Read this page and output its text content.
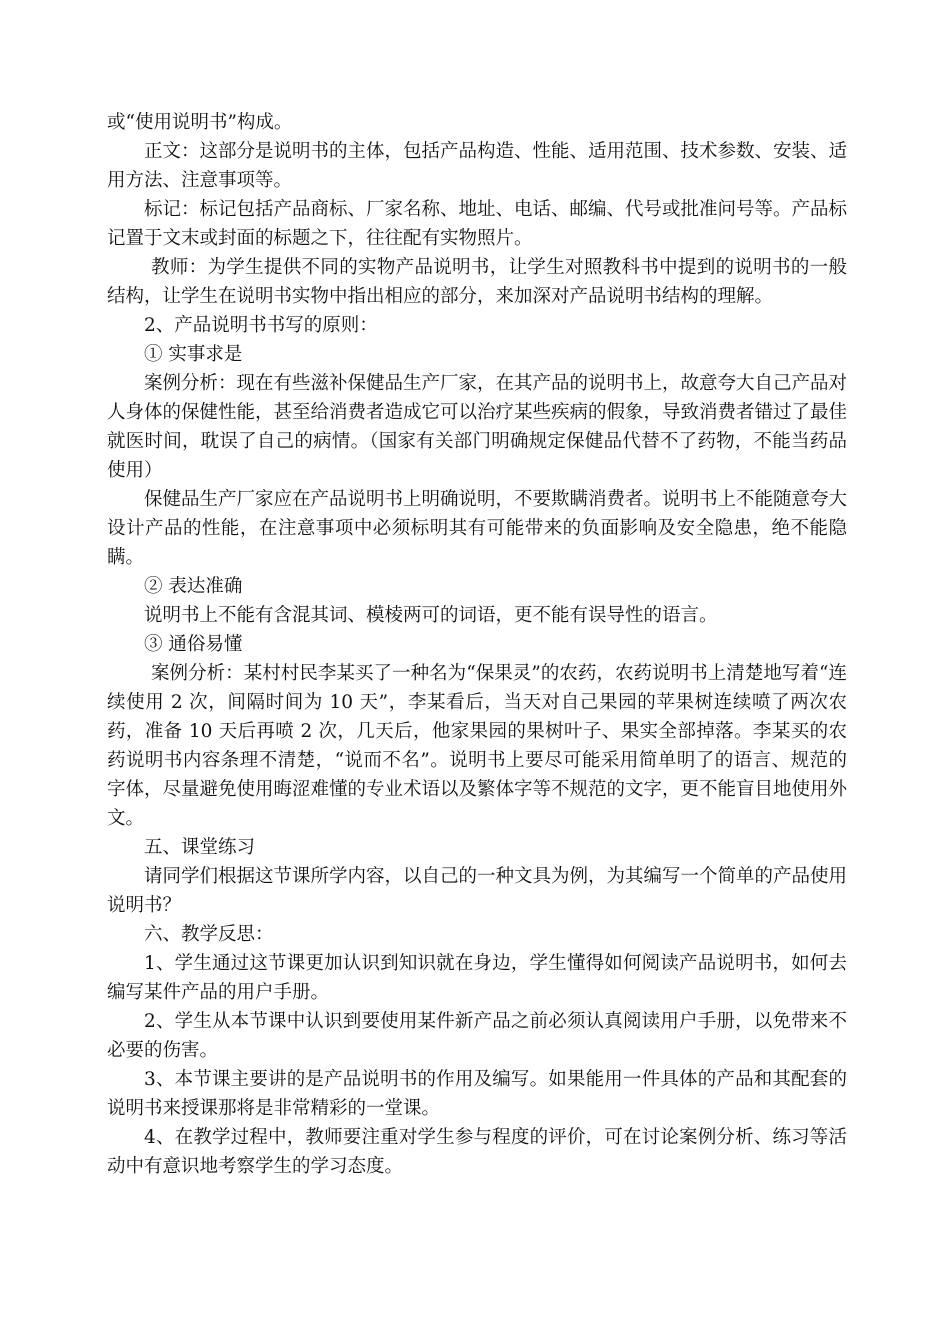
或“使用说明书”构成。

正文：这部分是说明书的主体，包括产品构造、性能、适用范围、技术参数、安装、适用方法、注意事项等。

标记：标记包括产品商标、厂家名称、地址、电话、邮编、代号或批准问号等。产品标记置于文末或封面的标题之下，往往配有实物照片。

教师：为学生提供不同的实物产品说明书，让学生对照教科书中提到的说明书的一般结构，让学生在说明书实物中指出相应的部分，来加深对产品说明书结构的理解。

2、产品说明书书写的原则：

① 实事求是

案例分析：现在有些滋补保健品生产厂家，在其产品的说明书上，故意夸大自己产品对人身体的保健性能，甚至给消费者造成它可以治疗某些疾病的假象，导致消费者错过了最佳就医时间，耽误了自己的病情。（国家有关部门明确规定保健品代替不了药物，不能当药品使用）

保健品生产厂家应在产品说明书上明确说明，不要欺瞒消费者。说明书上不能随意夸大设计产品的性能，在注意事项中必须标明其有可能带来的负面影响及安全隐患，绝不能隐瞒。

② 表达准确

说明书上不能有含混其词、模棱两可的词语，更不能有误导性的语言。

③ 通俗易懂

案例分析：某村村民李某买了一种名为“保果灵”的农药，农药说明书上清楚地写着“连续使用 2 次，间隔时间为 10 天”，李某看后，当天对自己果园的苹果树连续喷了两次农药，准备 10 天后再喷 2 次，几天后，他家果园的果树叶子、果实全部掉落。李某买的农药说明书内容条理不清楚，“说而不名”。说明书上要尽可能采用简单明了的语言、规范的字体，尽量避免使用晦涩难懂的专业术语以及繁体字等不规范的文字，更不能盲目地使用外文。

五、课堂练习

请同学们根据这节课所学内容，以自己的一种文具为例，为其编写一个简单的产品使用说明书？

六、教学反思：

1、学生通过这节课更加认识到知识就在身边，学生懂得如何阅读产品说明书，如何去编写某件产品的用户手册。

2、学生从本节课中认识到要使用某件新产品之前必须认真阅读用户手册，以免带来不必要的伤害。

3、本节课主要讲的是产品说明书的作用及编写。如果能用一件具体的产品和其配套的说明书来授课那将是非常精彩的一堂课。

4、在教学过程中，教师要注重对学生参与程度的评价，可在讨论案例分析、练习等活动中有意识地考察学生的学习态度。
